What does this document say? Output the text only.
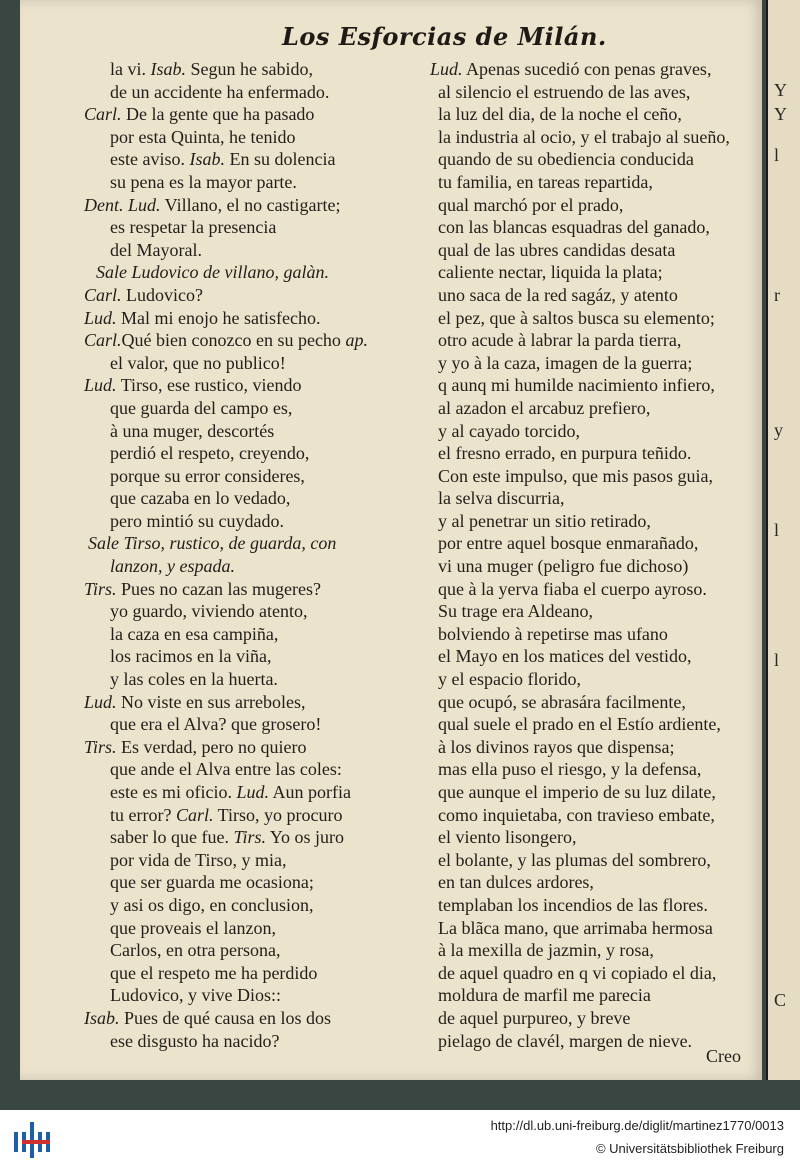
Los Esforcias de Milán.
la vi. Isab. Segun he sabido,
de un accidente ha enfermado.
Carl. De la gente que ha pasado
por esta Quinta, he tenido
este aviso. Isab. En su dolencia
su pena es la mayor parte.
Dent. Lud. Villano, el no castigarte;
es respetar la presencia
del Mayoral.
Sale Ludovico de villano, galàn.
Carl. Ludovico?
Lud. Mal mi enojo he satisfecho.
Carl.Qué bien conozco en su pecho ap.
el valor, que no publico!
Lud. Tirso, ese rustico, viendo
que guarda del campo es,
à una muger, descortés
perdió el respeto, creyendo,
porque su error consideres,
que cazaba en lo vedado,
pero mintió su cuydado.
Sale Tirso, rustico, de guarda, con
lanzon, y espada.
Tirs. Pues no cazan las mugeres?
yo guardo, viviendo atento,
la caza en esa campiña,
los racimos en la viña,
y las coles en la huerta.
Lud. No viste en sus arreboles,
que era el Alva? que grosero!
Tirs. Es verdad, pero no quiero
que ande el Alva entre las coles:
este es mi oficio. Lud. Aun porfia
tu error? Carl. Tirso, yo procuro
saber lo que fue. Tirs. Yo os juro
por vida de Tirso, y mia,
que ser guarda me ocasiona;
y asi os digo, en conclusion,
que proveais el lanzon,
Carlos, en otra persona,
que el respeto me ha perdido
Ludovico, y vive Dios::
Isab. Pues de qué causa en los dos
ese disgusto ha nacido?
Lud. Apenas sucedió con penas graves,
al silencio el estruendo de las aves,
la luz del dia, de la noche el ceño,
la industria al ocio, y el trabajo al sueño,
quando de su obediencia conducida
tu familia, en tareas repartida,
qual marchó por el prado,
con las blancas esquadras del ganado,
qual de las ubres candidas desata
caliente nectar, liquida la plata;
uno saca de la red sagáz, y atento
el pez, que à saltos busca su elemento;
otro acude à labrar la parda tierra,
y yo à la caza, imagen de la guerra;
q aunq mi humilde nacimiento infiero,
al azadon el arcabuz prefiero,
y al cayado torcido,
el fresno errado, en purpura teñido.
Con este impulso, que mis pasos guia,
la selva discurria,
y al penetrar un sitio retirado,
por entre aquel bosque enmarañado,
vi una muger (peligro fue dichoso)
que à la yerva fiaba el cuerpo ayroso.
Su trage era Aldeano,
bolviendo à repetirse mas ufano
el Mayo en los matices del vestido,
y el espacio florido,
que ocupó, se abrasára facilmente,
qual suele el prado en el Estío ardiente,
à los divinos rayos que dispensa;
mas ella puso el riesgo, y la defensa,
que aunque el imperio de su luz dilate,
como inquietaba, con travieso embate,
el viento lisongero,
el bolante, y las plumas del sombrero,
en tan dulces ardores,
templaban los incendios de las flores.
La blãca mano, que arrimaba hermosa
à la mexilla de jazmin, y rosa,
de aquel quadro en q vi copiado el dia,
moldura de marfil me parecia
de aquel purpureo, y breve
pielago de clavél, margen de nieve.
Creo
Y
Y
l
r
y
l
l
C
http://dl.ub.uni-freiburg.de/diglit/martinez1770/0013
© Universitätsbibliothek Freiburg
